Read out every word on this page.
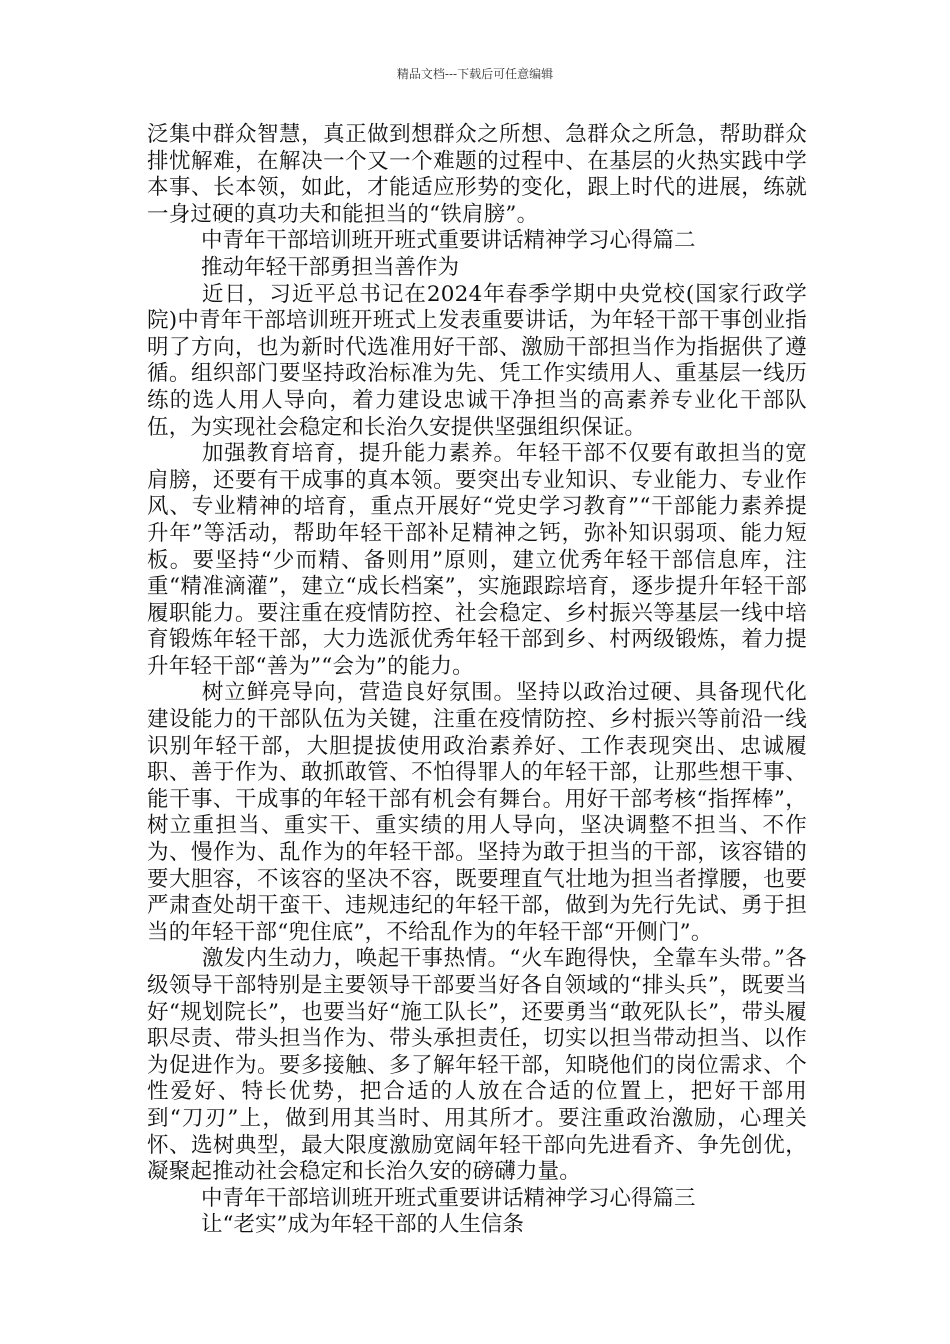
精品文档---下载后可任意编辑

泛集中群众智慧，真正做到想群众之所想、急群众之所急，帮助群众排忧解难，在解决一个又一个难题的过程中、在基层的火热实践中学本事、长本领，如此，才能适应形势的变化，跟上时代的进展，练就一身过硬的真功夫和能担当的“铁肩膀”。

中青年干部培训班开班式重要讲话精神学习心得篇二

推动年轻干部勇担当善作为

近日，习近平总书记在2024年春季学期中央党校(国家行政学院)中青年干部培训班开班式上发表重要讲话，为年轻干部干事创业指明了方向，也为新时代选准用好干部、激励干部担当作为指据供了遵循。组织部门要坚持政治标准为先、凭工作实绩用人、重基层一线历练的选人用人导向，着力建设忠诚干净担当的高素养专业化干部队伍，为实现社会稳定和长治久安提供坚强组织保证。

加强教育培育，提升能力素养。年轻干部不仅要有敢担当的宽肩膀，还要有干成事的真本领。要突出专业知识、专业能力、专业作风、专业精神的培育，重点开展好“党史学习教育”“干部能力素养提升年”等活动，帮助年轻干部补足精神之钙，弥补知识弱项、能力短板。要坚持“少而精、备则用”原则，建立优秀年轻干部信息库，注重“精准滴灌”，建立“成长档案”，实施跟踪培育，逐步提升年轻干部履职能力。要注重在疫情防控、社会稳定、乡村振兴等基层一线中培育锻炼年轻干部，大力选派优秀年轻干部到乡、村两级锻炼，着力提升年轻干部“善为”“会为”的能力。

树立鲜亮导向，营造良好氛围。坚持以政治过硬、具备现代化建设能力的干部队伍为关键，注重在疫情防控、乡村振兴等前沿一线识别年轻干部，大胆提拔使用政治素养好、工作表现突出、忠诚履职、善于作为、敢抓敢管、不怕得罪人的年轻干部，让那些想干事、能干事、干成事的年轻干部有机会有舞台。用好干部考核“指挥棒”，树立重担当、重实干、重实绩的用人导向，坚决调整不担当、不作为、慢作为、乱作为的年轻干部。坚持为敢于担当的干部，该容错的要大胆容，不该容的坚决不容，既要理直气壮地为担当者撑腰，也要严肃查处胡干蛮干、违规违纪的年轻干部，做到为先行先试、勇于担当的年轻干部“兜住底”，不给乱作为的年轻干部“开侧门”。

激发内生动力，唤起干事热情。“火车跑得快，全靠车头带。”各级领导干部特别是主要领导干部要当好各自领域的“排头兵”，既要当好“规划院长”，也要当好“施工队长”，还要勇当“敢死队长”，带头履职尽责、带头担当作为、带头承担责任，切实以担当带动担当、以作为促进作为。要多接触、多了解年轻干部，知晓他们的岗位需求、个性爱好、特长优势，把合适的人放在合适的位置上，把好干部用到“刀刃”上，做到用其当时、用其所才。要注重政治激励，心理关怀、选树典型，最大限度激励宽阔年轻干部向先进看齐、争先创优，凝聚起推动社会稳定和长治久安的磅礴力量。

中青年干部培训班开班式重要讲话精神学习心得篇三

让“老实”成为年轻干部的人生信条
